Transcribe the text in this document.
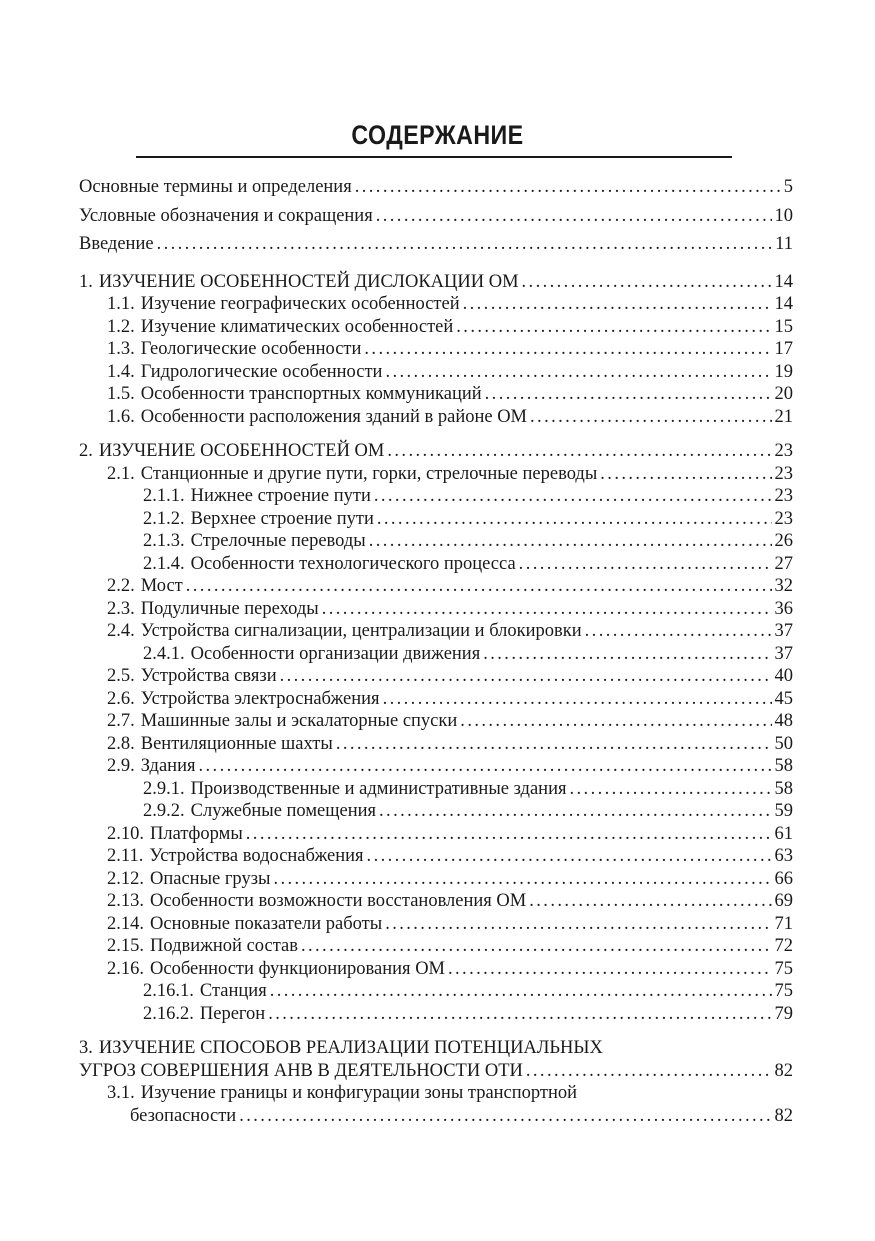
СОДЕРЖАНИЕ
Основные термины и определения .....	5
Условные обозначения и сокращения .....	10
Введение .....	11
1. ИЗУЧЕНИЕ ОСОБЕННОСТЕЙ ДИСЛОКАЦИИ ОМ .....	14
1.1. Изучение географических особенностей .....	14
1.2. Изучение климатических особенностей .....	15
1.3. Геологические особенности .....	17
1.4. Гидрологические особенности .....	19
1.5. Особенности транспортных коммуникаций .....	20
1.6. Особенности расположения зданий в районе ОМ .....	21
2. ИЗУЧЕНИЕ ОСОБЕННОСТЕЙ ОМ .....	23
2.1. Станционные и другие пути, горки, стрелочные переводы .....	23
2.1.1. Нижнее строение пути .....	23
2.1.2. Верхнее строение пути .....	23
2.1.3. Стрелочные переводы .....	26
2.1.4. Особенности технологического процесса .....	27
2.2. Мост .....	32
2.3. Подуличные переходы .....	36
2.4. Устройства сигнализации, централизации и блокировки .....	37
2.4.1. Особенности организации движения .....	37
2.5. Устройства связи .....	40
2.6. Устройства электроснабжения .....	45
2.7. Машинные залы и эскалаторные спуски .....	48
2.8. Вентиляционные шахты .....	50
2.9. Здания .....	58
2.9.1. Производственные и административные здания .....	58
2.9.2. Служебные помещения .....	59
2.10. Платформы .....	61
2.11. Устройства водоснабжения .....	63
2.12. Опасные грузы .....	66
2.13. Особенности возможности восстановления ОМ .....	69
2.14. Основные показатели работы .....	71
2.15. Подвижной состав .....	72
2.16. Особенности функционирования ОМ .....	75
2.16.1. Станция .....	75
2.16.2. Перегон .....	79
3. ИЗУЧЕНИЕ СПОСОБОВ РЕАЛИЗАЦИИ ПОТЕНЦИАЛЬНЫХ
УГРОЗ СОВЕРШЕНИЯ АНВ В ДЕЯТЕЛЬНОСТИ ОТИ .....	82
3.1. Изучение границы и конфигурации зоны транспортной
безопасности .....	82
